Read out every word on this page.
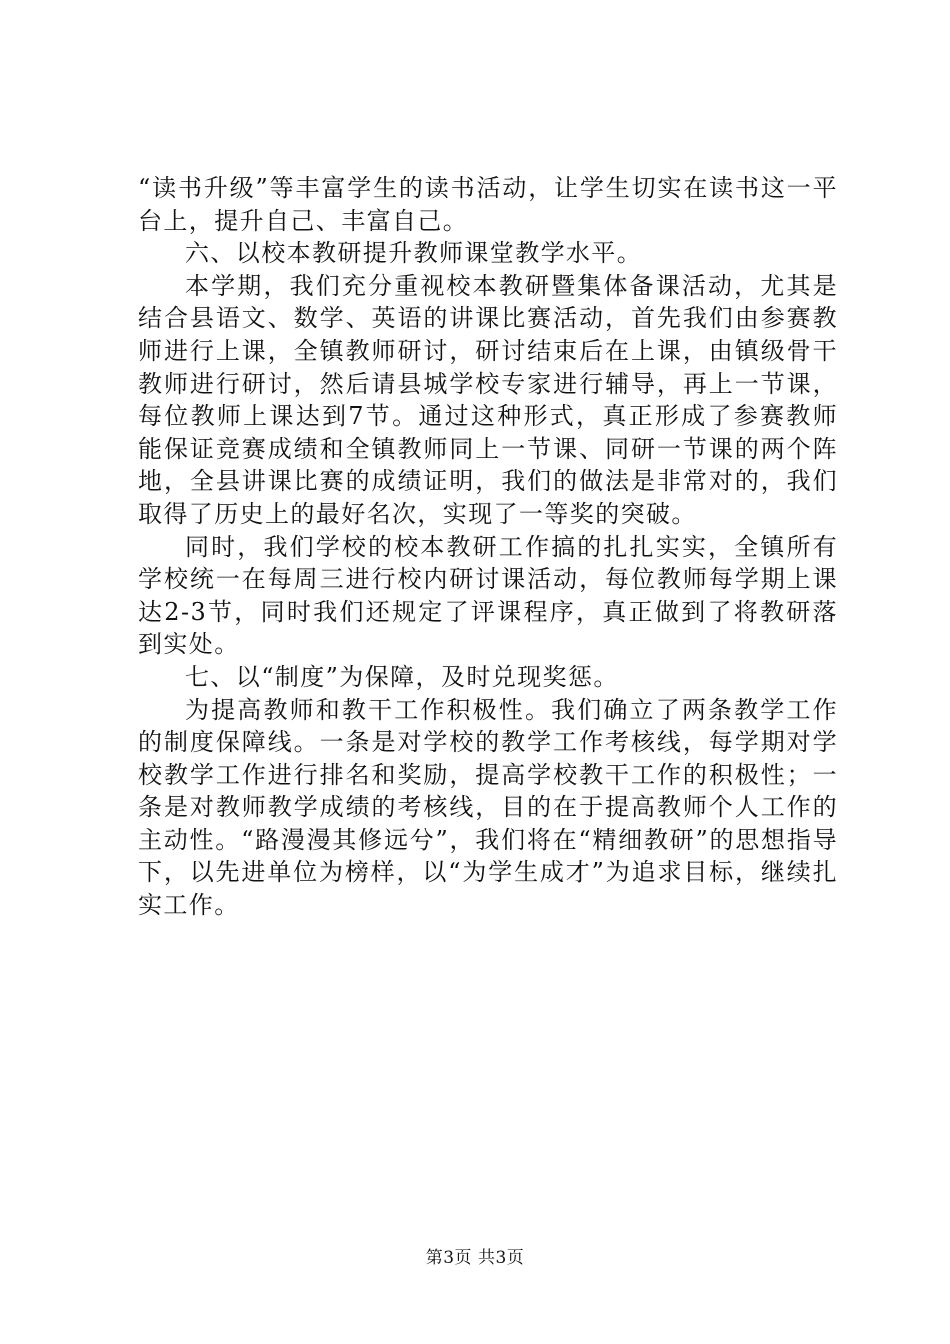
“读书升级”等丰富学生的读书活动，让学生切实在读书这一平台上，提升自己、丰富自己。

六、以校本教研提升教师课堂教学水平。

本学期，我们充分重视校本教研暨集体备课活动，尤其是结合县语文、数学、英语的讲课比赛活动，首先我们由参赛教师进行上课，全镇教师研讨，研讨结束后在上课，由镇级骨干教师进行研讨，然后请县城学校专家进行辅导，再上一节课，每位教师上课达到7节。通过这种形式，真正形成了参赛教师能保证竞赛成绩和全镇教师同上一节课、同研一节课的两个阵地，全县讲课比赛的成绩证明，我们的做法是非常对的，我们取得了历史上的最好名次，实现了一等奖的突破。

同时，我们学校的校本教研工作搞的扎扎实实，全镇所有学校统一在每周三进行校内研讨课活动，每位教师每学期上课达2-3节，同时我们还规定了评课程序，真正做到了将教研落到实处。

七、以“制度”为保障，及时兑现奖惩。

为提高教师和教干工作积极性。我们确立了两条教学工作的制度保障线。一条是对学校的教学工作考核线，每学期对学校教学工作进行排名和奖励，提高学校教干工作的积极性；一条是对教师教学成绩的考核线，目的在于提高教师个人工作的主动性。“路漫漫其修远兮”，我们将在“精细教研”的思想指导下，以先进单位为榜样，以“为学生成才”为追求目标，继续扎实工作。

第3页 共3页
